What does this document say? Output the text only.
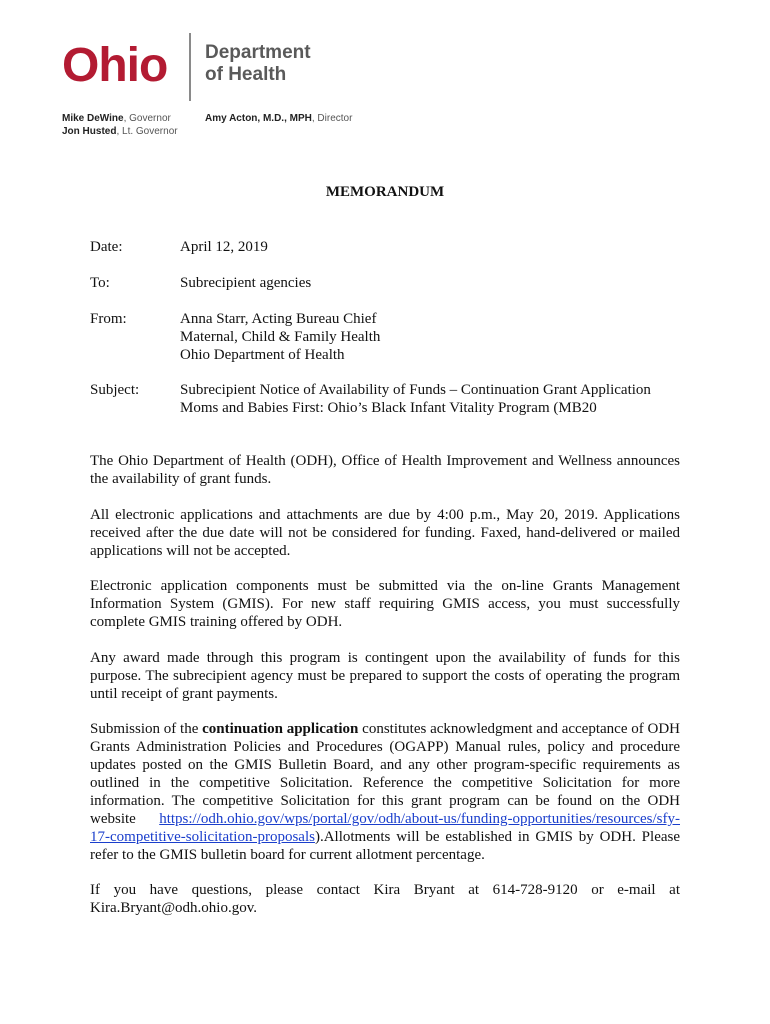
Ohio Department
of Health
Mike DeWine, Governor
Jon Husted, Lt. Governor
Amy Acton, M.D., MPH, Director
MEMORANDUM
Date:	April 12, 2019
To:	Subrecipient agencies
From:	Anna Starr, Acting Bureau Chief
Maternal, Child & Family Health
Ohio Department of Health
Subject:	Subrecipient Notice of Availability of Funds – Continuation Grant Application
Moms and Babies First: Ohio’s Black Infant Vitality Program (MB20
The Ohio Department of Health (ODH), Office of Health Improvement and Wellness announces the availability of grant funds.
All electronic applications and attachments are due by 4:00 p.m., May 20, 2019. Applications received after the due date will not be considered for funding. Faxed, hand-delivered or mailed applications will not be accepted.
Electronic application components must be submitted via the on-line Grants Management Information System (GMIS). For new staff requiring GMIS access, you must successfully complete GMIS training offered by ODH.
Any award made through this program is contingent upon the availability of funds for this purpose. The subrecipient agency must be prepared to support the costs of operating the program until receipt of grant payments.
Submission of the continuation application constitutes acknowledgment and acceptance of ODH Grants Administration Policies and Procedures (OGAPP) Manual rules, policy and procedure updates posted on the GMIS Bulletin Board, and any other program-specific requirements as outlined in the competitive Solicitation. Reference the competitive Solicitation for more information. The competitive Solicitation for this grant program can be found on the ODH website https://odh.ohio.gov/wps/portal/gov/odh/about-us/funding-opportunities/resources/sfy-17-competitive-solicitation-proposals).Allotments will be established in GMIS by ODH. Please refer to the GMIS bulletin board for current allotment percentage.
If you have questions, please contact Kira Bryant at 614-728-9120 or e-mail at Kira.Bryant@odh.ohio.gov.
